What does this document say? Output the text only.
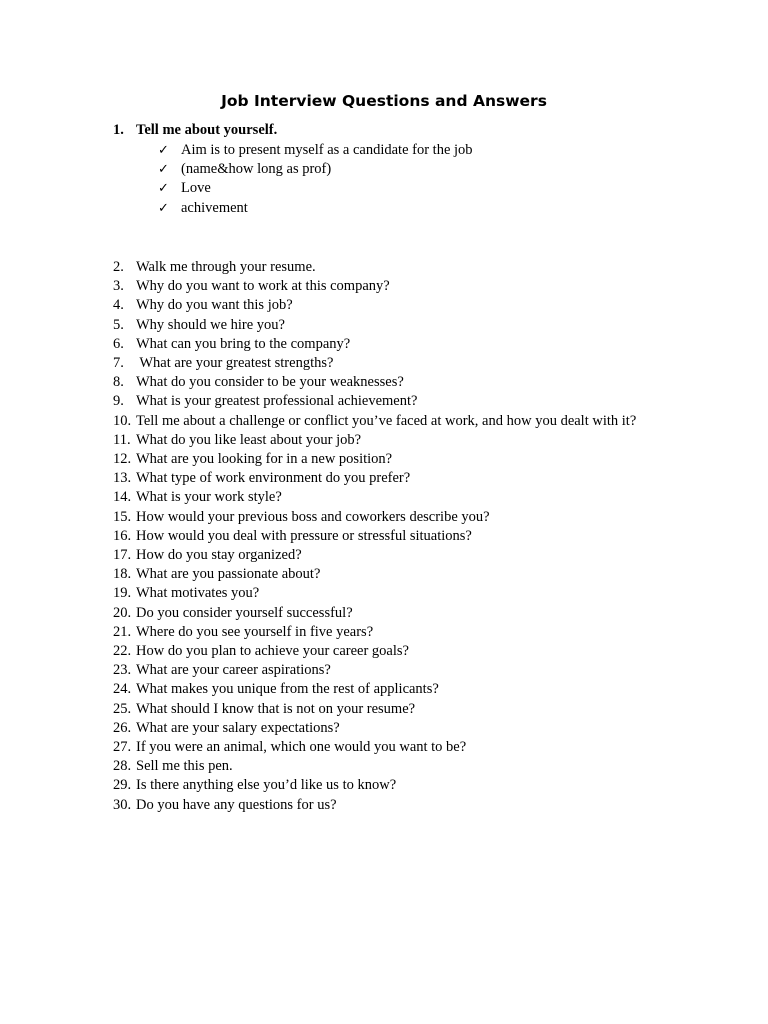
Job Interview Questions and Answers
1. Tell me about yourself.
✓ Aim is to present myself as a candidate for the job
✓ (name&how long as prof)
✓ Love
✓ achivement
2. Walk me through your resume.
3. Why do you want to work at this company?
4. Why do you want this job?
5. Why should we hire you?
6. What can you bring to the company?
7. What are your greatest strengths?
8. What do you consider to be your weaknesses?
9. What is your greatest professional achievement?
10. Tell me about a challenge or conflict you’ve faced at work, and how you dealt with it?
11. What do you like least about your job?
12. What are you looking for in a new position?
13. What type of work environment do you prefer?
14. What is your work style?
15. How would your previous boss and coworkers describe you?
16. How would you deal with pressure or stressful situations?
17. How do you stay organized?
18. What are you passionate about?
19. What motivates you?
20. Do you consider yourself successful?
21. Where do you see yourself in five years?
22. How do you plan to achieve your career goals?
23. What are your career aspirations?
24. What makes you unique from the rest of applicants?
25. What should I know that is not on your resume?
26. What are your salary expectations?
27. If you were an animal, which one would you want to be?
28. Sell me this pen.
29. Is there anything else you’d like us to know?
30. Do you have any questions for us?
